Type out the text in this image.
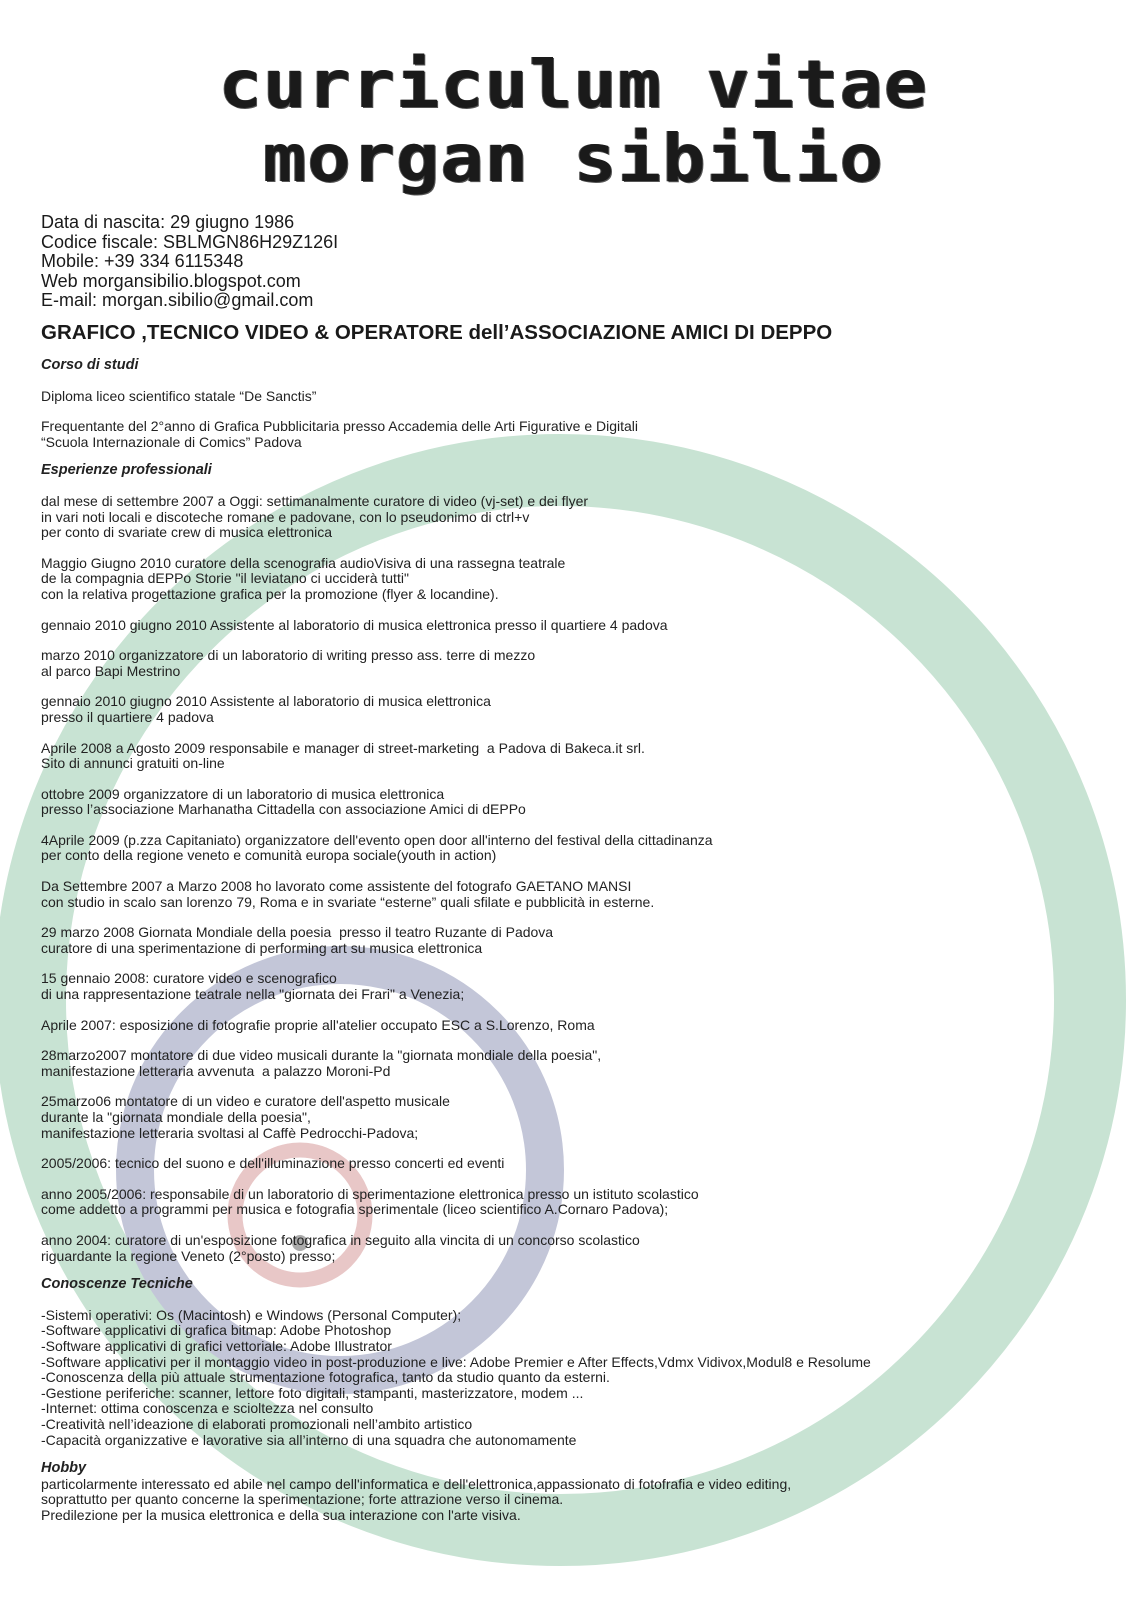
curriculum vitae
morgan sibilio
Data di nascita: 29 giugno 1986
Codice fiscale: SBLMGN86H29Z126I
Mobile: +39 334 6115348
Web morgansibilio.blogspot.com
E-mail: morgan.sibilio@gmail.com
GRAFICO ,TECNICO VIDEO & OPERATORE dell’ASSOCIAZIONE AMICI DI DEPPO
Corso di studi
Diploma liceo scientifico statale “De Sanctis”
Frequentante del 2°anno di Grafica Pubblicitaria presso Accademia delle Arti Figurative e Digitali
“Scuola Internazionale di Comics” Padova
Esperienze professionali
dal mese di settembre 2007 a Oggi: settimanalmente curatore di video (vj-set) e dei flyer
in vari noti locali e discoteche romane e padovane, con lo pseudonimo di ctrl+v
per conto di svariate crew di musica elettronica
Maggio Giugno 2010 curatore della scenografia audioVisiva di una rassegna teatrale
de la compagnia dEPPo Storie "il leviatano ci ucciderà tutti"
con la relativa progettazione grafica per la promozione (flyer & locandine).
gennaio 2010 giugno 2010 Assistente al laboratorio di musica elettronica presso il quartiere 4 padova
marzo 2010 organizzatore di un laboratorio di writing presso ass. terre di mezzo
al parco Bapi Mestrino
gennaio 2010 giugno 2010 Assistente al laboratorio di musica elettronica
presso il quartiere 4 padova
Aprile 2008 a Agosto 2009 responsabile e manager di street-marketing  a Padova di Bakeca.it srl.
Sito di annunci gratuiti on-line
ottobre 2009 organizzatore di un laboratorio di musica elettronica
presso l’associazione Marhanatha Cittadella con associazione Amici di dEPPo
4Aprile 2009 (p.zza Capitaniato) organizzatore dell'evento open door all'interno del festival della cittadinanza
per conto della regione veneto e comunità europa sociale(youth in action)
Da Settembre 2007 a Marzo 2008 ho lavorato come assistente del fotografo GAETANO MANSI
con studio in scalo san lorenzo 79, Roma e in svariate “esterne” quali sfilate e pubblicità in esterne.
29 marzo 2008 Giornata Mondiale della poesia  presso il teatro Ruzante di Padova
curatore di una sperimentazione di performing art su musica elettronica
15 gennaio 2008: curatore video e scenografico
di una rappresentazione teatrale nella "giornata dei Frari" a Venezia;
Aprile 2007: esposizione di fotografie proprie all'atelier occupato ESC a S.Lorenzo, Roma
28marzo2007 montatore di due video musicali durante la "giornata mondiale della poesia",
manifestazione letteraria avvenuta  a palazzo Moroni-Pd
25marzo06 montatore di un video e curatore dell'aspetto musicale
durante la "giornata mondiale della poesia",
manifestazione letteraria svoltasi al Caffè Pedrocchi-Padova;
2005/2006: tecnico del suono e dell'illuminazione presso concerti ed eventi
anno 2005/2006: responsabile di un laboratorio di sperimentazione elettronica presso un istituto scolastico
come addetto a programmi per musica e fotografia sperimentale (liceo scientifico A.Cornaro Padova);
anno 2004: curatore di un'esposizione fotografica in seguito alla vincita di un concorso scolastico
riguardante la regione Veneto (2°posto) presso;
Conoscenze Tecniche
-Sistemi operativi: Os (Macintosh) e Windows (Personal Computer);
-Software applicativi di grafica bitmap: Adobe Photoshop
-Software applicativi di grafici vettoriale: Adobe Illustrator
-Software applicativi per il montaggio video in post-produzione e live: Adobe Premier e After Effects,Vdmx Vidivox,Modul8 e Resolume
-Conoscenza della più attuale strumentazione fotografica, tanto da studio quanto da esterni.
-Gestione periferiche: scanner, lettore foto digitali, stampanti, masterizzatore, modem ...
-Internet: ottima conoscenza e scioltezza nel consulto
-Creatività nell’ideazione di elaborati promozionali nell’ambito artistico
-Capacità organizzative e lavorative sia all’interno di una squadra che autonomamente
Hobby
particolarmente interessato ed abile nel campo dell'informatica e dell'elettronica,appassionato di fotofrafia e video editing,
soprattutto per quanto concerne la sperimentazione; forte attrazione verso il cinema.
Predilezione per la musica elettronica e della sua interazione con l'arte visiva.
